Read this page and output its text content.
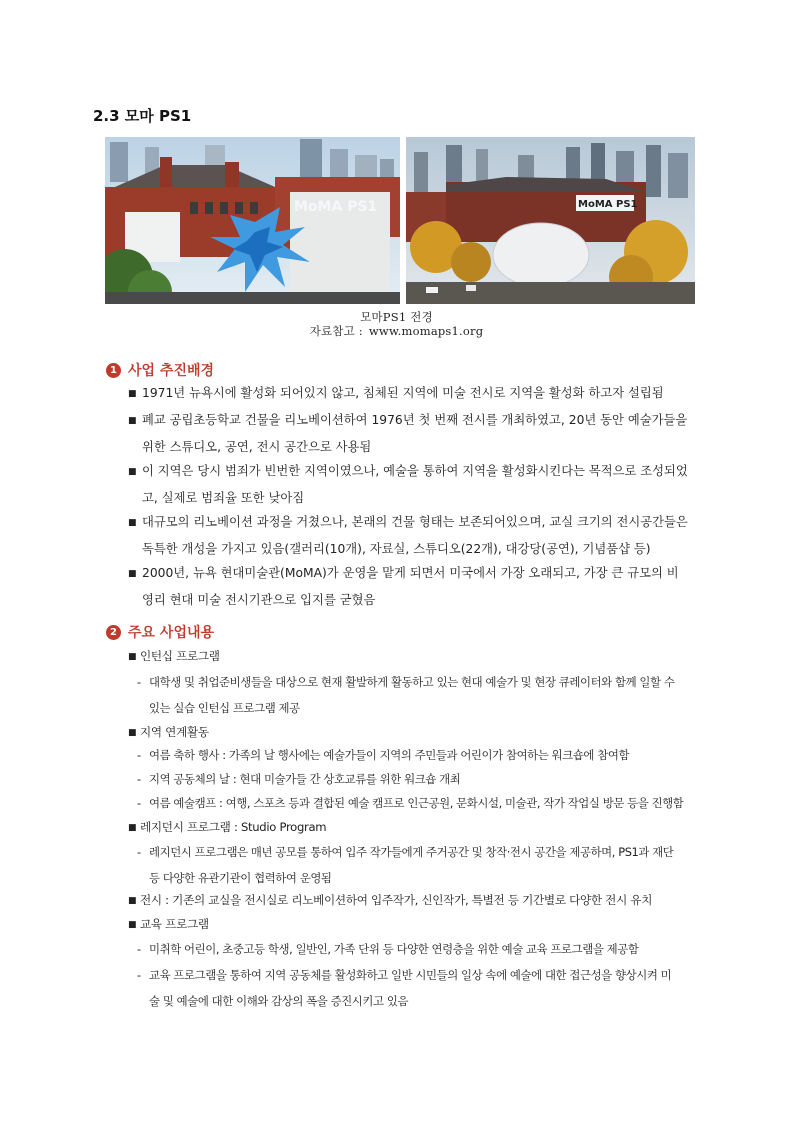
2.3 모마 PS1
MoMA PS1	MoMA PS1
모마PS1 전경
자료참고 : www.momaps1.org
1 사업 추진배경
■ 1971년 뉴욕시에 활성화 되어있지 않고, 침체된 지역에 미술 전시로 지역을 활성화 하고자 설립됨
■ 폐교 공립초등학교 건물을 리노베이션하여 1976년 첫 번째 전시를 개최하였고, 20년 동안 예술가들을
위한 스튜디오, 공연, 전시 공간으로 사용됨
■ 이 지역은 당시 범죄가 빈번한 지역이였으나, 예술을 통하여 지역을 활성화시킨다는 목적으로 조성되었
고, 실제로 범죄율 또한 낮아짐
■ 대규모의 리노베이션 과정을 거쳤으나, 본래의 건물 형태는 보존되어있으며, 교실 크기의 전시공간들은
독특한 개성을 가지고 있음(갤러리(10개), 자료실, 스튜디오(22개), 대강당(공연), 기념품샵 등)
■ 2000년, 뉴욕 현대미술관(MoMA)가 운영을 맡게 되면서 미국에서 가장 오래되고, 가장 큰 규모의 비
영리 현대 미술 전시기관으로 입지를 굳혔음
2 주요 사업내용
■ 인턴십 프로그램
- 대학생 및 취업준비생들을 대상으로 현재 활발하게 활동하고 있는 현대 예술가 및 현장 큐레이터와 함께 일할 수
있는 실습 인턴십 프로그램 제공
■ 지역 연계활동
- 여름 축하 행사 : 가족의 날 행사에는 예술가들이 지역의 주민들과 어린이가 참여하는 워크숍에 참여함
- 지역 공동체의 날 : 현대 미술가들 간 상호교류를 위한 워크숍 개최
- 여름 예술캠프 : 여행, 스포츠 등과 결합된 예술 캠프로 인근공원, 문화시설, 미술관, 작가 작업실 방문 등을 진행함
■ 레지던시 프로그램 : Studio Program
- 레지던시 프로그램은 매년 공모를 통하여 입주 작가들에게 주거공간 및 창작·전시 공간을 제공하며, PS1과 재단
등 다양한 유관기관이 협력하여 운영됨
■ 전시 : 기존의 교실을 전시실로 리노베이션하여 입주작가, 신인작가, 특별전 등 기간별로 다양한 전시 유치
■ 교육 프로그램
- 미취학 어린이, 초중고등 학생, 일반인, 가족 단위 등 다양한 연령층을 위한 예술 교육 프로그램을 제공함
- 교육 프로그램을 통하여 지역 공동체를 활성화하고 일반 시민들의 일상 속에 예술에 대한 접근성을 향상시켜 미
술 및 예술에 대한 이해와 감상의 폭을 증진시키고 있음
